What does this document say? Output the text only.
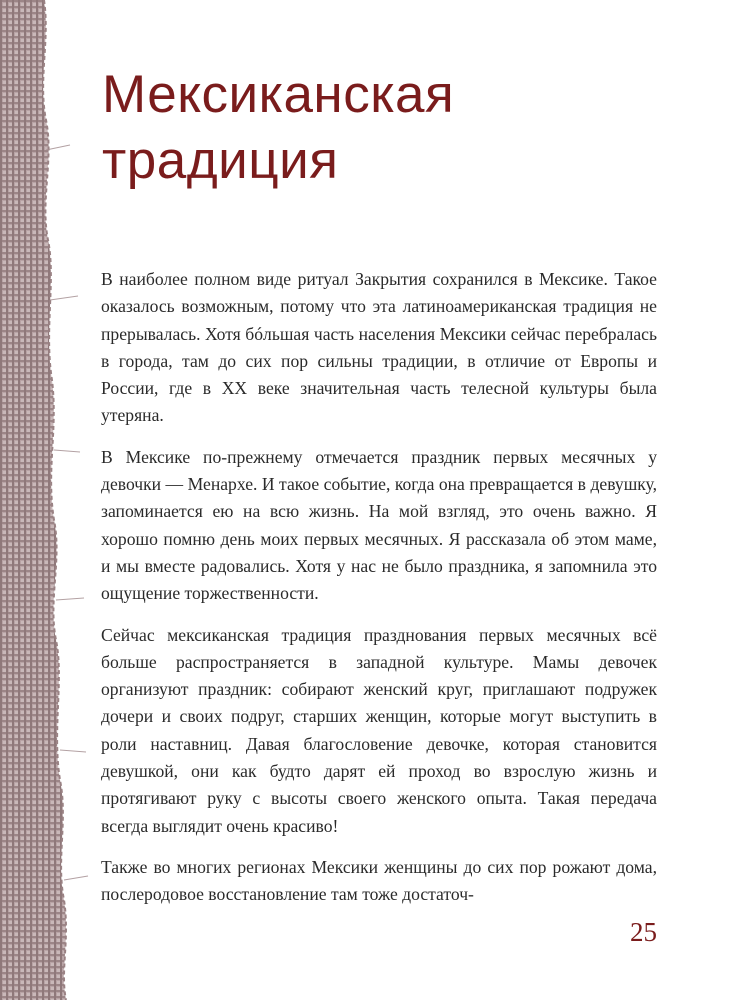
Мексиканская
традиция

В наиболее полном виде ритуал Закрытия сохранился в Мексике. Такое оказалось возможным, потому что эта латиноамериканская традиция не прерывалась. Хотя бóльшая часть населения Мексики сейчас перебралась в города, там до сих пор сильны традиции, в отличие от Европы и России, где в XX веке значительная часть телесной культуры была утеряна.

В Мексике по-прежнему отмечается праздник первых месячных у девочки — Менархе. И такое событие, когда она превращается в девушку, запоминается ею на всю жизнь. На мой взгляд, это очень важно. Я хорошо помню день моих первых месячных. Я рассказала об этом маме, и мы вместе радовались. Хотя у нас не было праздника, я запомнила это ощущение торжественности.

Сейчас мексиканская традиция празднования первых месячных всё больше распространяется в западной культуре. Мамы девочек организуют праздник: собирают женский круг, приглашают подружек дочери и своих подруг, старших женщин, которые могут выступить в роли наставниц. Давая благословение девочке, которая становится девушкой, они как будто дарят ей проход во взрослую жизнь и протягивают руку с высоты своего женского опыта. Такая передача всегда выглядит очень красиво!

Также во многих регионах Мексики женщины до сих пор рожают дома, послеродовое восстановление там тоже достаточ-

25
